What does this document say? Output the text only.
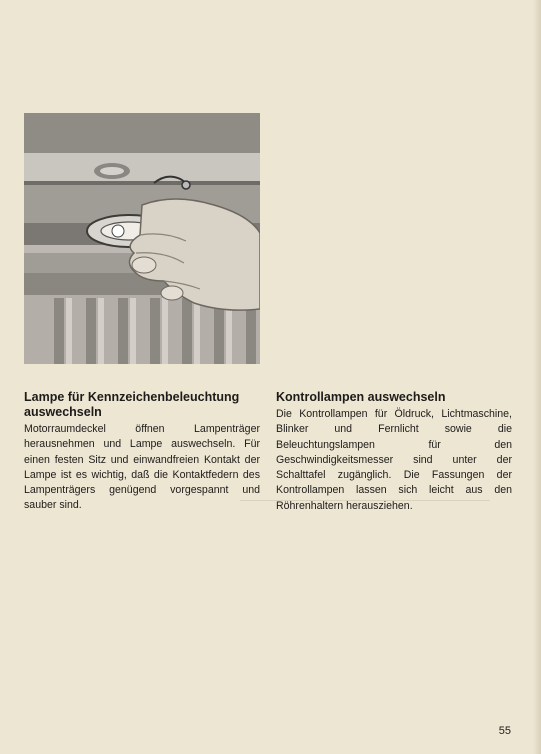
Lampe für Kennzeichenbeleuchtung
auswechseln

Motorraumdeckel öffnen Lampenträger herausnehmen und Lampe auswechseln. Für einen festen Sitz und einwandfreien Kontakt der Lampe ist es wichtig, daß die Kontaktfedern des Lampenträgers genügend vorgespannt und sauber sind.

Kontrollampen auswechseln

Die Kontrollampen für Öldruck, Lichtmaschine, Blinker und Fernlicht sowie die Beleuchtungslampen für den Geschwindigkeitsmesser sind unter der Schalttafel zugänglich. Die Fassungen der Kontrollampen lassen sich leicht aus den Röhrenhaltern herausziehen.

55
